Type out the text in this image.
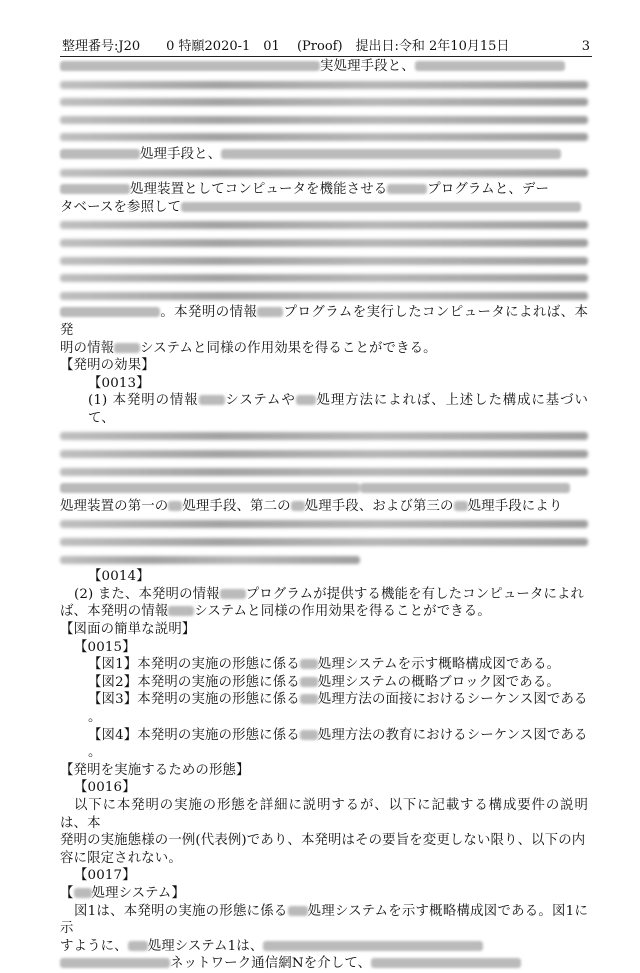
整理番号:J20    0 特願2020-1  01  (Proof) 提出日:令和 2年10月15日	3

実処理手段と、

処理手段と、

処理装置としてコンピュータを機能させる	プログラムと、デー

タベースを参照して

。本発明の情報 プログラムを実行したコンピュータによれば、本発

明の情報 システムと同様の作用効果を得ることができる。

【発明の効果】

【0013】

(1) 本発明の情報 システムや 処理方法によれば、上述した構成に基づいて、

処理装置の第一の 処理手段、第二の 処理手段、および第三の 処理手段により

【0014】

(2) また、本発明の情報 プログラムが提供する機能を有したコンピュータによれ

ば、本発明の情報 システムと同様の作用効果を得ることができる。

【図面の簡単な説明】

【0015】

【図1】本発明の実施の形態に係る 処理システムを示す概略構成図である。

【図2】本発明の実施の形態に係る 処理システムの概略ブロック図である。

【図3】本発明の実施の形態に係る 処理方法の面接におけるシーケンス図である

。

【図4】本発明の実施の形態に係る 処理方法の教育におけるシーケンス図である

。

【発明を実施するための形態】

【0016】

以下に本発明の実施の形態を詳細に説明するが、以下に記載する構成要件の説明は、本

発明の実施態様の一例(代表例)であり、本発明はその要旨を変更しない限り、以下の内

容に限定されない。

【0017】

【 処理システム】

図1は、本発明の実施の形態に係る 処理システムを示す概略構成図である。図1に示

すように、 処理システム1は、

ネットワーク通信網Nを介して、
